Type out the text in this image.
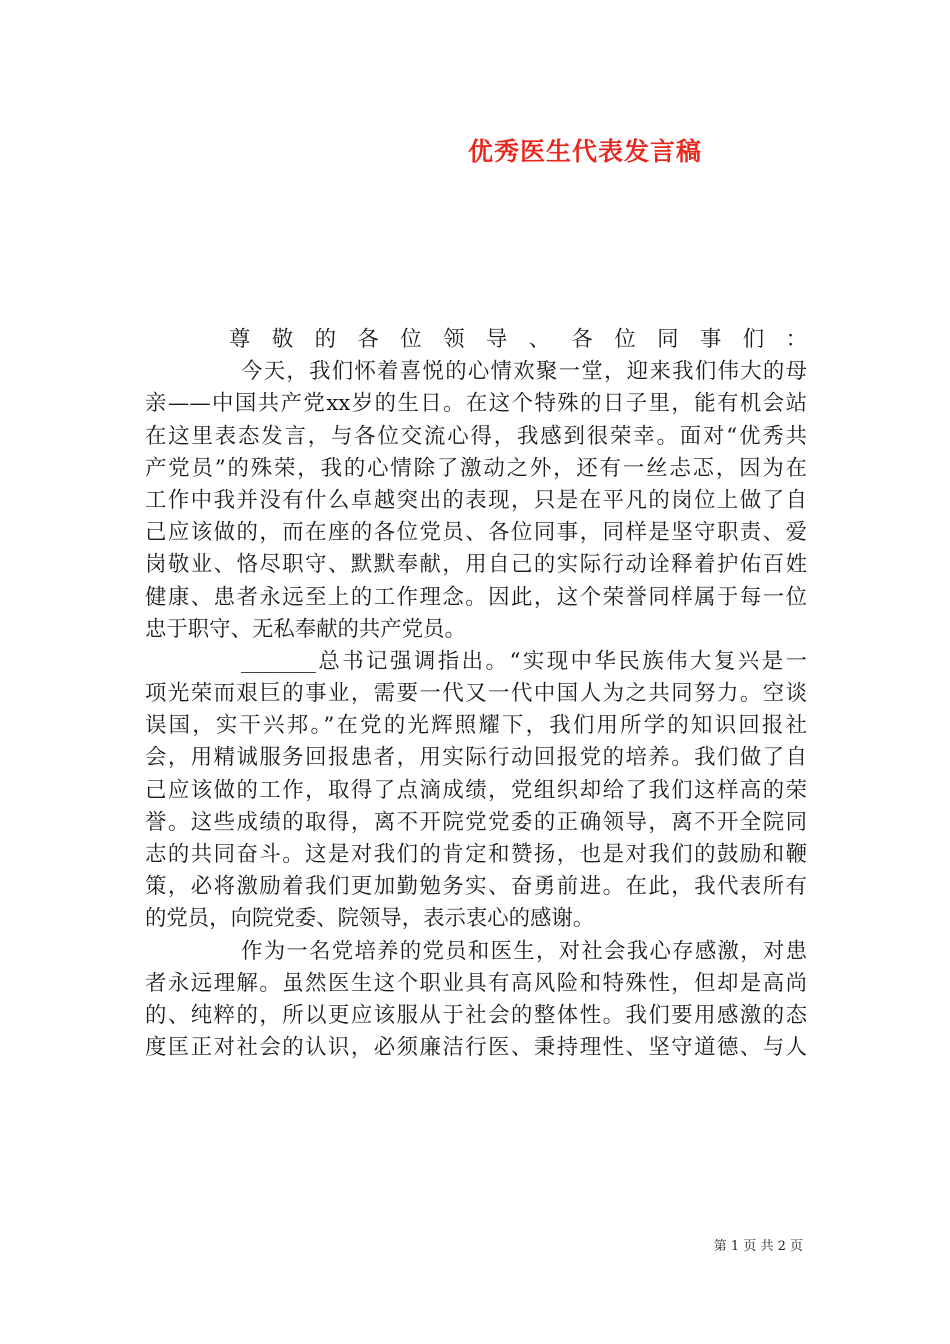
优秀医生代表发言稿
尊敬的各位领导、各位同事们：
今天，我们怀着喜悦的心情欢聚一堂，迎来我们伟大的母
亲——中国共产党xx岁的生日。在这个特殊的日子里，能有机会站
在这里表态发言，与各位交流心得，我感到很荣幸。面对“优秀共
产党员”的殊荣，我的心情除了激动之外，还有一丝忐忑，因为在
工作中我并没有什么卓越突出的表现，只是在平凡的岗位上做了自
己应该做的，而在座的各位党员、各位同事，同样是坚守职责、爱
岗敬业、恪尽职守、默默奉献，用自己的实际行动诠释着护佑百姓
健康、患者永远至上的工作理念。因此，这个荣誉同样属于每一位
忠于职守、无私奉献的共产党员。
_______总书记强调指出。“实现中华民族伟大复兴是一
项光荣而艰巨的事业，需要一代又一代中国人为之共同努力。空谈
误国，实干兴邦。”在党的光辉照耀下，我们用所学的知识回报社
会，用精诚服务回报患者，用实际行动回报党的培养。我们做了自
己应该做的工作，取得了点滴成绩，党组织却给了我们这样高的荣
誉。这些成绩的取得，离不开院党党委的正确领导，离不开全院同
志的共同奋斗。这是对我们的肯定和赞扬，也是对我们的鼓励和鞭
策，必将激励着我们更加勤勉务实、奋勇前进。在此，我代表所有
的党员，向院党委、院领导，表示衷心的感谢。
作为一名党培养的党员和医生，对社会我心存感激，对患
者永远理解。虽然医生这个职业具有高风险和特殊性，但却是高尚
的、纯粹的，所以更应该服从于社会的整体性。我们要用感激的态
度匡正对社会的认识，必须廉洁行医、秉持理性、坚守道德、与人
第 1 页 共 2 页
